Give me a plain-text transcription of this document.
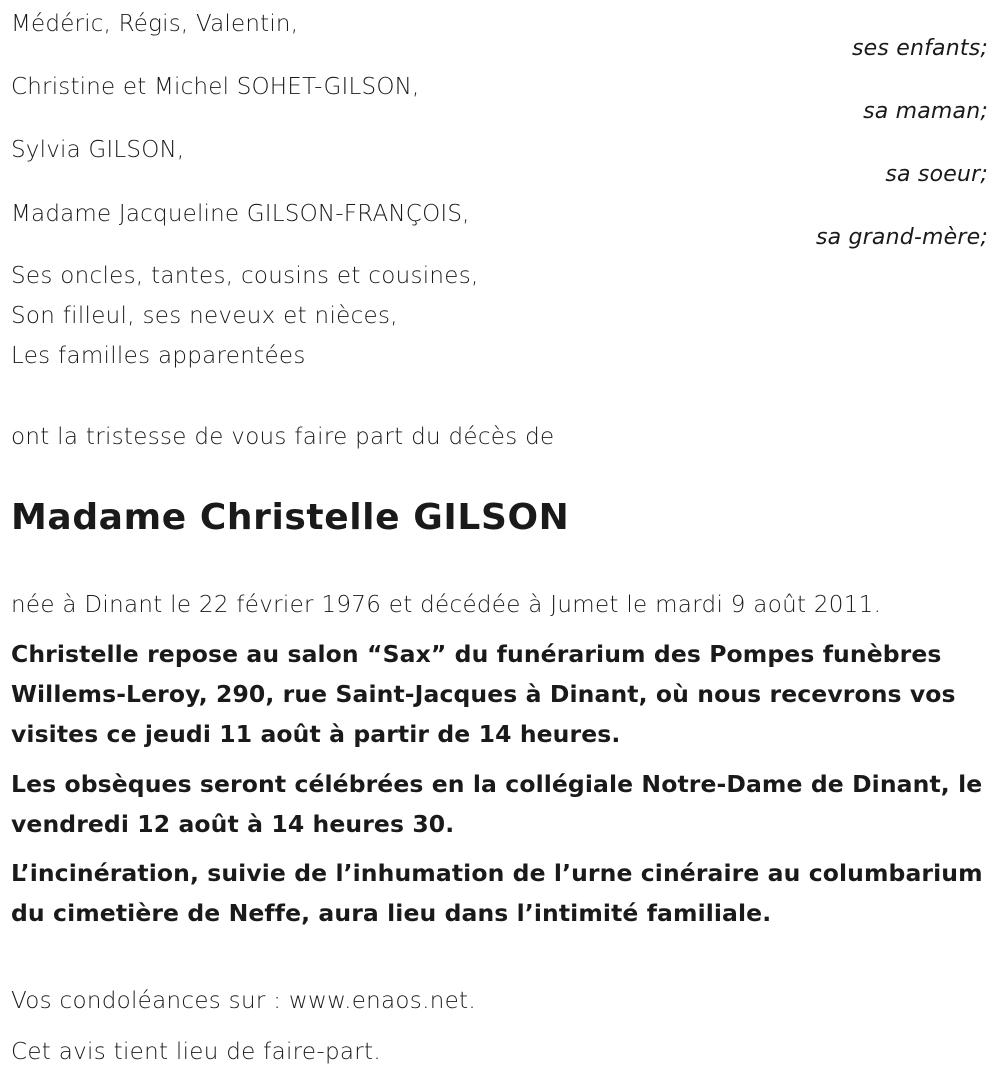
Médéric, Régis, Valentin,
ses enfants;
Christine et Michel SOHET-GILSON,
sa maman;
Sylvia GILSON,
sa soeur;
Madame Jacqueline GILSON-FRANÇOIS,
sa grand-mère;
Ses oncles, tantes, cousins et cousines,
Son filleul, ses neveux et nièces,
Les familles apparentées
ont la tristesse de vous faire part du décès de
Madame Christelle GILSON
née à Dinant le 22 février 1976 et décédée à Jumet le mardi 9 août 2011.
Christelle repose au salon “Sax” du funérarium des Pompes funèbres Willems-Leroy, 290, rue Saint-Jacques à Dinant, où nous recevrons vos visites ce jeudi 11 août à partir de 14 heures.
Les obsèques seront célébrées en la collégiale Notre-Dame de Dinant, le vendredi 12 août à 14 heures 30.
L’incinération, suivie de l’inhumation de l’urne cinéraire au columbarium du cimetière de Neffe, aura lieu dans l’intimité familiale.
Vos condoléances sur : www.enaos.net.
Cet avis tient lieu de faire-part.
